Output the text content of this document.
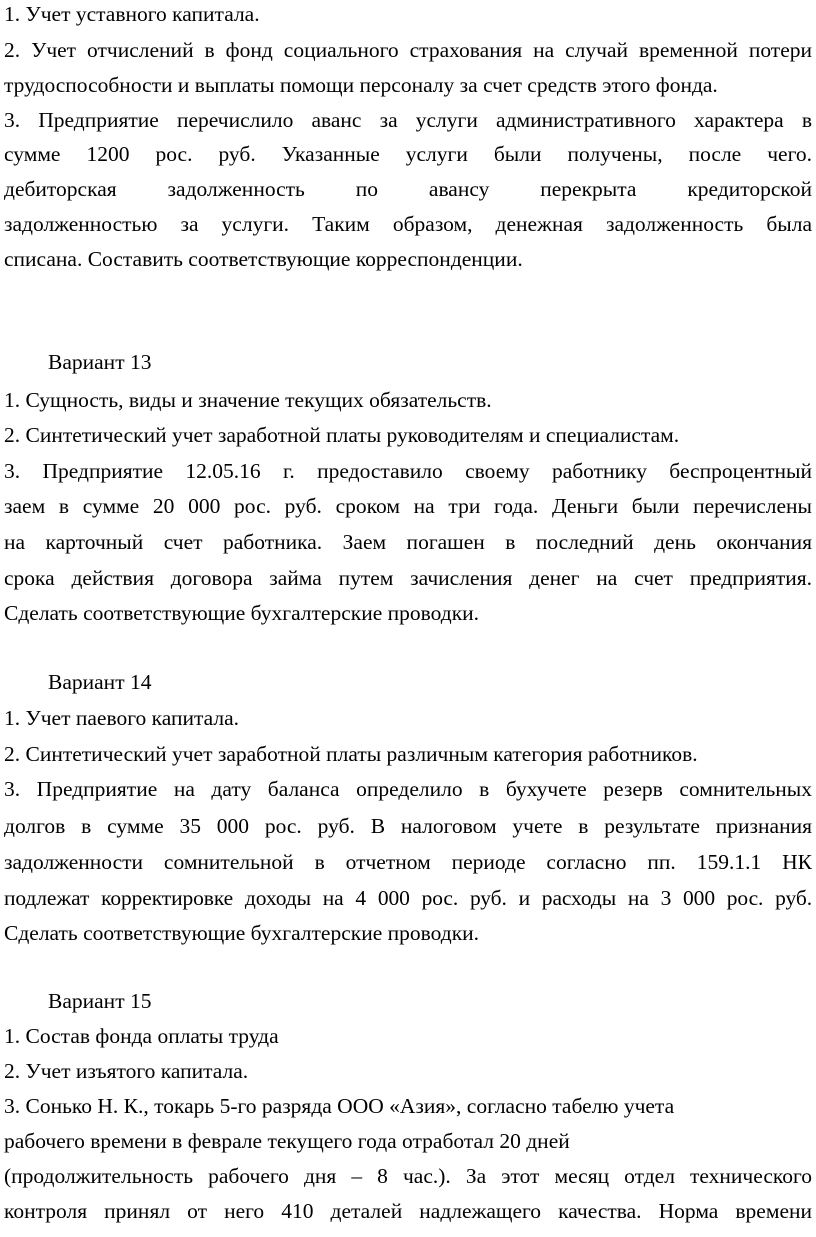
1. Учет уставного капитала.
2. Учет отчислений в фонд социального страхования на случай временной потери
трудоспособности и выплаты помощи персоналу за счет средств этого фонда.
3. Предприятие перечислило аванс за услуги административного характера в
сумме 1200 рос. руб. Указанные услуги были получены, после чего.
дебиторская задолженность по авансу перекрыта кредиторской
задолженностью за услуги. Таким образом, денежная задолженность была
списана. Составить соответствующие корреспонденции.
Вариант 13
1. Сущность, виды и значение текущих обязательств.
2. Синтетический учет заработной платы руководителям и специалистам.
3. Предприятие 12.05.16 г. предоставило своему работнику беспроцентный
заем в сумме 20 000 рос. руб. сроком на три года. Деньги были перечислены
на карточный счет работника. Заем погашен в последний день окончания
срока действия договора займа путем зачисления денег на счет предприятия.
Сделать соответствующие бухгалтерские проводки.
Вариант 14
1. Учет паевого капитала.
2. Синтетический учет заработной платы различным категория работников.
3. Предприятие на дату баланса определило в бухучете резерв сомнительных
долгов в сумме 35 000 рос. руб. В налоговом учете в результате признания
задолженности сомнительной в отчетном периоде согласно пп. 159.1.1 НК
подлежат корректировке доходы на 4 000 рос. руб. и расходы на 3 000 рос. руб.
Сделать соответствующие бухгалтерские проводки.
Вариант 15
1. Состав фонда оплаты труда
2. Учет изъятого капитала.
3. Сонько Н. К., токарь 5-го разряда ООО «Азия», согласно табелю учета
рабочего времени в феврале текущего года отработал 20 дней
(продолжительность рабочего дня – 8 час.). За этот месяц отдел технического
контроля принял от него 410 деталей надлежащего качества. Норма времени
